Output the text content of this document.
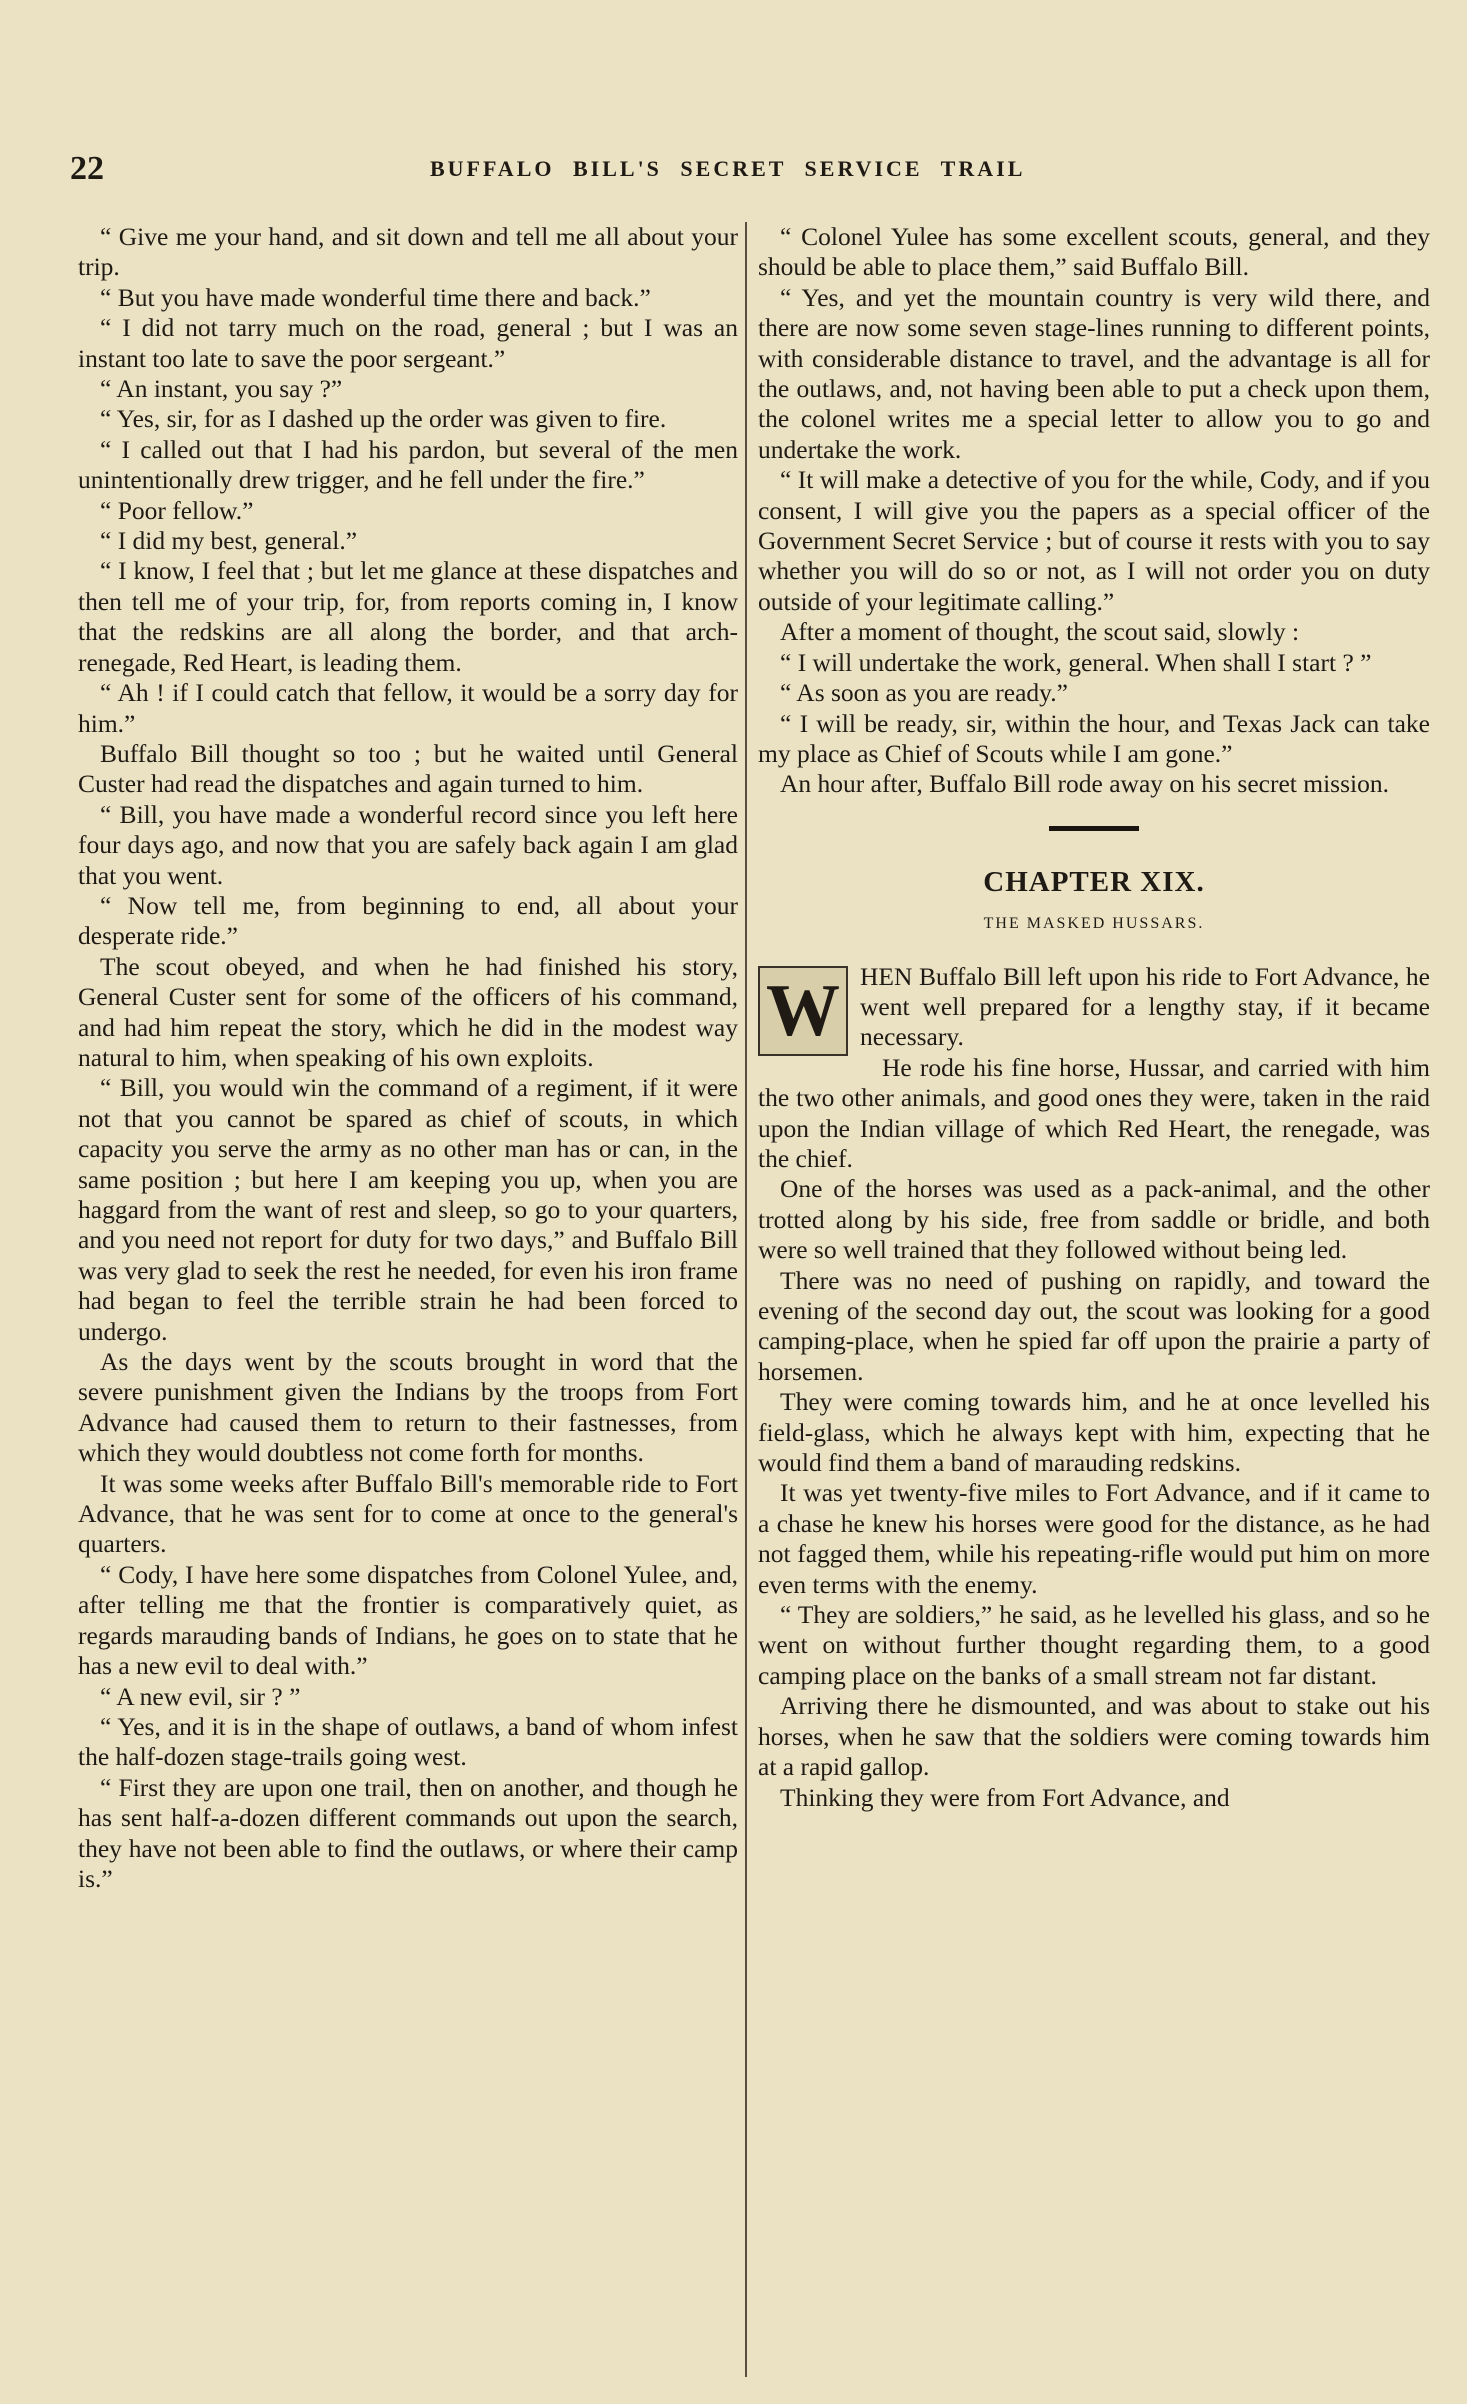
22	BUFFALO BILL'S SECRET SERVICE TRAIL

“ Give me your hand, and sit down and tell me all about your trip.

“ But you have made wonderful time there and back.”

“ I did not tarry much on the road, general ; but I was an instant too late to save the poor sergeant.”

“ An instant, you say ?”

“ Yes, sir, for as I dashed up the order was given to fire.

“ I called out that I had his pardon, but several of the men unintentionally drew trigger, and he fell under the fire.”

“ Poor fellow.”

“ I did my best, general.”

“ I know, I feel that ; but let me glance at these dispatches and then tell me of your trip, for, from reports coming in, I know that the redskins are all along the border, and that arch-renegade, Red Heart, is leading them.

“ Ah ! if I could catch that fellow, it would be a sorry day for him.”

Buffalo Bill thought so too ; but he waited until General Custer had read the dispatches and again turned to him.

“ Bill, you have made a wonderful record since you left here four days ago, and now that you are safely back again I am glad that you went.

“ Now tell me, from beginning to end, all about your desperate ride.”

The scout obeyed, and when he had finished his story, General Custer sent for some of the officers of his command, and had him repeat the story, which he did in the modest way natural to him, when speaking of his own exploits.

“ Bill, you would win the command of a regiment, if it were not that you cannot be spared as chief of scouts, in which capacity you serve the army as no other man has or can, in the same position ; but here I am keeping you up, when you are haggard from the want of rest and sleep, so go to your quarters, and you need not report for duty for two days,” and Buffalo Bill was very glad to seek the rest he needed, for even his iron frame had began to feel the terrible strain he had been forced to undergo.

As the days went by the scouts brought in word that the severe punishment given the Indians by the troops from Fort Advance had caused them to return to their fastnesses, from which they would doubtless not come forth for months.

It was some weeks after Buffalo Bill's memorable ride to Fort Advance, that he was sent for to come at once to the general's quarters.

“ Cody, I have here some dispatches from Colonel Yulee, and, after telling me that the frontier is comparatively quiet, as regards marauding bands of Indians, he goes on to state that he has a new evil to deal with.”

“ A new evil, sir ? ”

“ Yes, and it is in the shape of outlaws, a band of whom infest the half-dozen stage-trails going west.

“ First they are upon one trail, then on another, and though he has sent half-a-dozen different commands out upon the search, they have not been able to find the outlaws, or where their camp is.”

“ Colonel Yulee has some excellent scouts, general, and they should be able to place them,” said Buffalo Bill.

“ Yes, and yet the mountain country is very wild there, and there are now some seven stage-lines running to different points, with considerable distance to travel, and the advantage is all for the outlaws, and, not having been able to put a check upon them, the colonel writes me a special letter to allow you to go and undertake the work.

“ It will make a detective of you for the while, Cody, and if you consent, I will give you the papers as a special officer of the Government Secret Service ; but of course it rests with you to say whether you will do so or not, as I will not order you on duty outside of your legitimate calling.”

After a moment of thought, the scout said, slowly :

“ I will undertake the work, general. When shall I start ? ”

“ As soon as you are ready.”

“ I will be ready, sir, within the hour, and Texas Jack can take my place as Chief of Scouts while I am gone.”

An hour after, Buffalo Bill rode away on his secret mission.

CHAPTER XIX.
THE MASKED HUSSARS.

W HEN Buffalo Bill left upon his ride to Fort Advance, he went well prepared for a lengthy stay, if it became necessary.

He rode his fine horse, Hussar, and carried with him the two other animals, and good ones they were, taken in the raid upon the Indian village of which Red Heart, the renegade, was the chief.

One of the horses was used as a pack-animal, and the other trotted along by his side, free from saddle or bridle, and both were so well trained that they followed without being led.

There was no need of pushing on rapidly, and toward the evening of the second day out, the scout was looking for a good camping-place, when he spied far off upon the prairie a party of horsemen.

They were coming towards him, and he at once levelled his field-glass, which he always kept with him, expecting that he would find them a band of marauding redskins.

It was yet twenty-five miles to Fort Advance, and if it came to a chase he knew his horses were good for the distance, as he had not fagged them, while his repeating-rifle would put him on more even terms with the enemy.

“ They are soldiers,” he said, as he levelled his glass, and so he went on without further thought regarding them, to a good camping place on the banks of a small stream not far distant.

Arriving there he dismounted, and was about to stake out his horses, when he saw that the soldiers were coming towards him at a rapid gallop.

Thinking they were from Fort Advance, and
